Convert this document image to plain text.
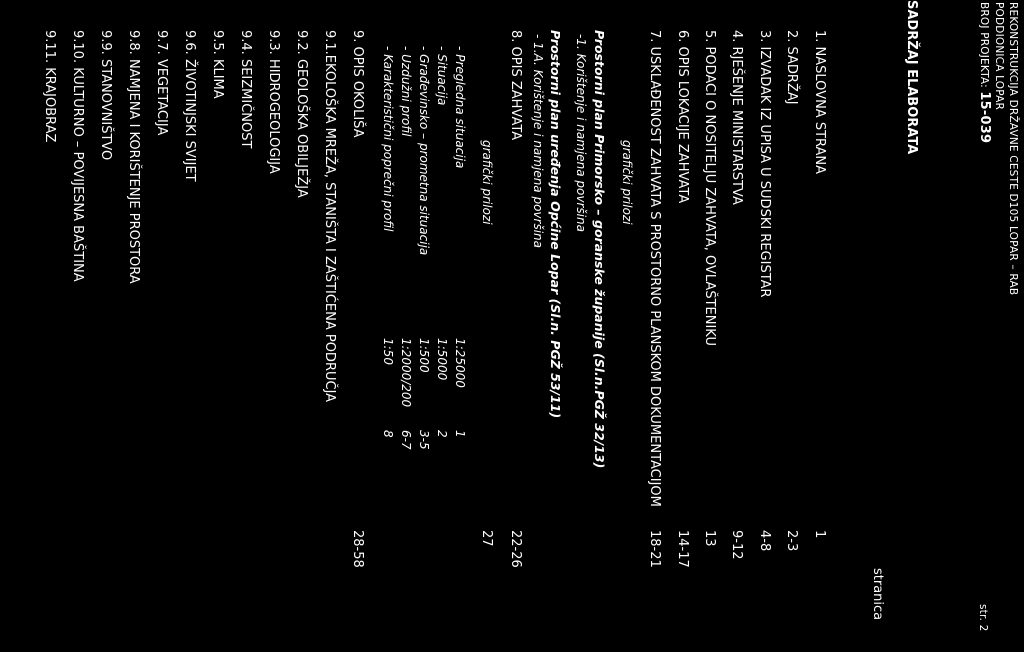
REKONSTRUKCIJA DRŽAVNE CESTE D105 LOPAR – RAB
PODDIONICA LOPAR
BROJ PROJEKTA: 15-039
str. 2
SADRŽAJ ELABORATA
stranica
1. NASLOVNA STRANA
1
2. SADRŽAJ
2-3
3. IZVADAK IZ UPISA U SUDSKI REGISTAR
4-8
4. RJEŠENJE MINISTARSTVA
9-12
5. PODACI O NOSITELJU ZAHVATA, OVLAŠTENIKU
13
6. OPIS LOKACIJE ZAHVATA
14-17
7. USKLAĐENOST ZAHVATA S PROSTORNO PLANSKOM DOKUMENTACIJOM
18-21
grafički prilozi
Prostorni plan Primorsko – goranske županije (Sl.n.PGŽ 32/13)
-1. Korištenje i namjena površina
Prostorni plan uređenja Općine Lopar (Sl.n. PGŽ 53/11)
- 1.A. Korištenje i namjena površina
8. OPIS ZAHVATA
22-26
grafički prilozi
27
- Pregledna situacija
1:25000
1
- Situacija
1:5000
2
- Građevinsko – prometna situacija
1:500
3-5
- Uzdužni profil
1:2000/200
6-7
- Karakteristični poprečni profil
1:50
8
9. OPIS OKOLIŠA
28-58
9.1.EKOLOŠKA MREŽA, STANIŠTA I ZAŠTIĆENA PODRUČJA
9.2. GEOLOŠKA OBILJEŽJA
9.3. HIDROGEOLOGIJA
9.4. SEIZMIČNOST
9.5. KLIMA
9.6. ŽIVOTINJSKI SVIJET
9.7. VEGETACIJA
9.8. NAMJENA I KORIŠTENJE PROSTORA
9.9. STANOVNIŠTVO
9.10. KULTURNO – POVIJESNA BAŠTINA
9.11. KRAJOBRAZ
